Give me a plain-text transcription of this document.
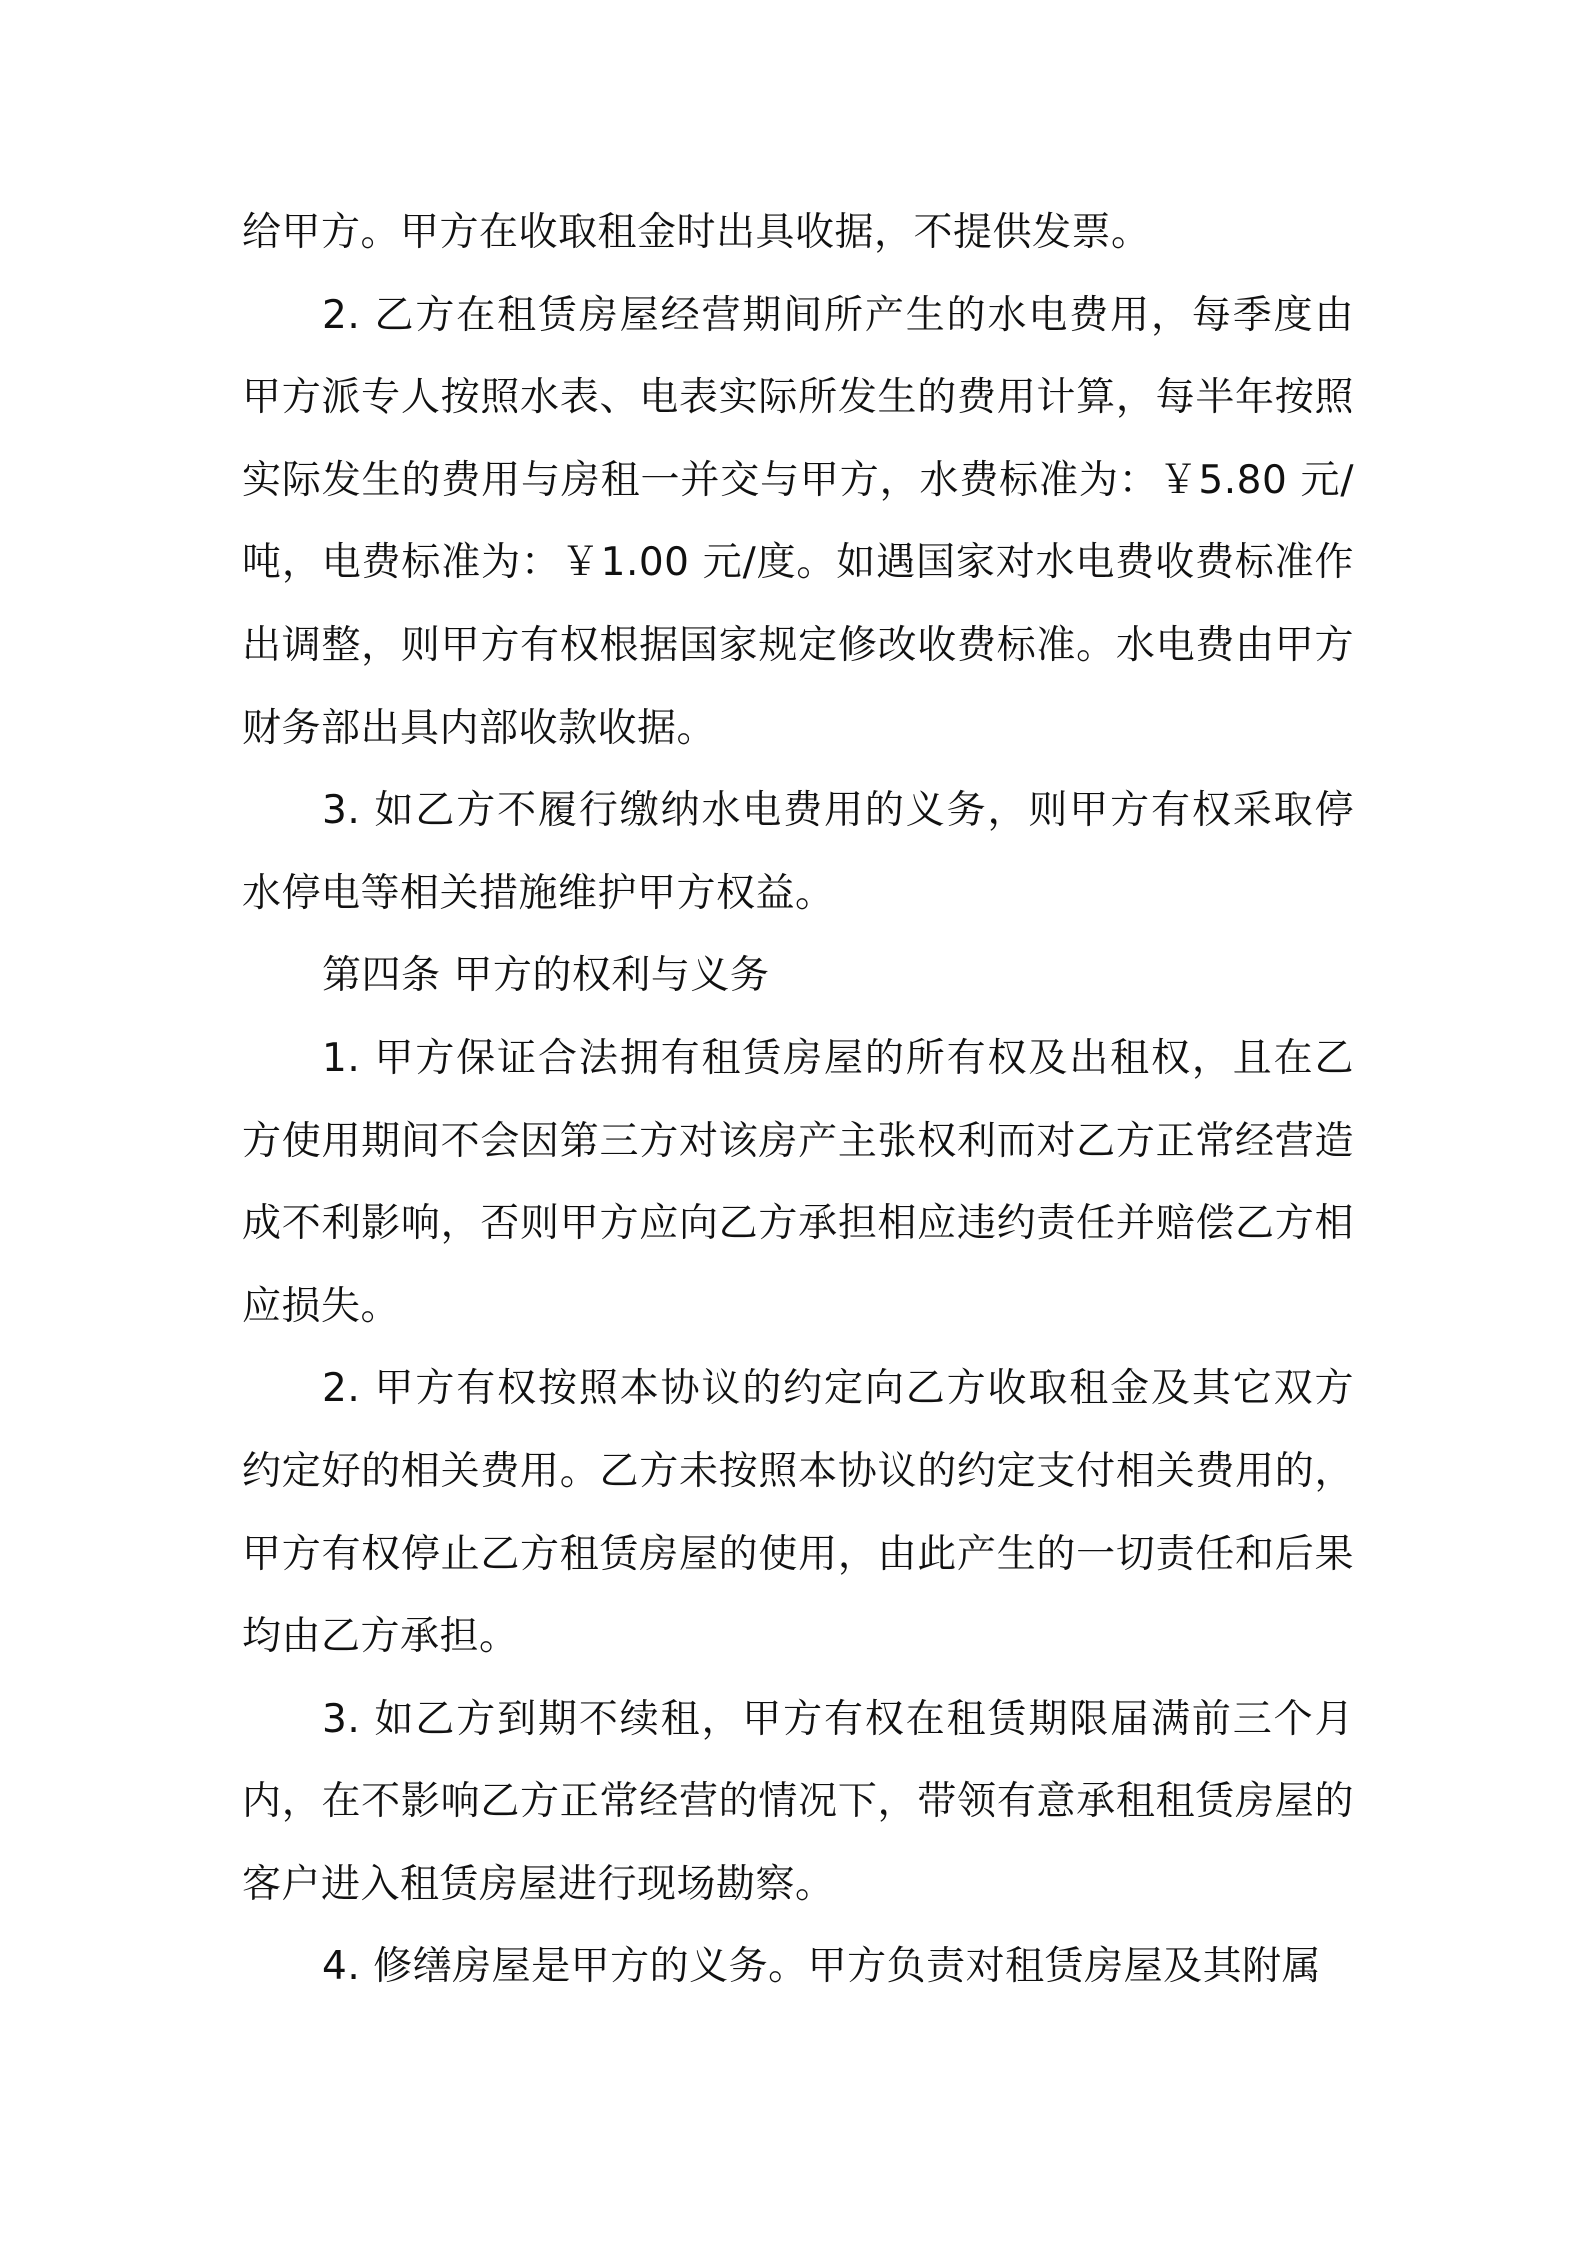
给甲方。甲方在收取租金时出具收据，不提供发票。

2. 乙方在租赁房屋经营期间所产生的水电费用，每季度由甲方派专人按照水表、电表实际所发生的费用计算，每半年按照实际发生的费用与房租一并交与甲方，水费标准为：￥5.80 元/吨，电费标准为：￥1.00 元/度。如遇国家对水电费收费标准作出调整，则甲方有权根据国家规定修改收费标准。水电费由甲方财务部出具内部收款收据。

3. 如乙方不履行缴纳水电费用的义务，则甲方有权采取停水停电等相关措施维护甲方权益。

第四条 甲方的权利与义务

1. 甲方保证合法拥有租赁房屋的所有权及出租权，且在乙方使用期间不会因第三方对该房产主张权利而对乙方正常经营造成不利影响，否则甲方应向乙方承担相应违约责任并赔偿乙方相应损失。

2. 甲方有权按照本协议的约定向乙方收取租金及其它双方约定好的相关费用。乙方未按照本协议的约定支付相关费用的，甲方有权停止乙方租赁房屋的使用，由此产生的一切责任和后果均由乙方承担。

3. 如乙方到期不续租，甲方有权在租赁期限届满前三个月内，在不影响乙方正常经营的情况下，带领有意承租租赁房屋的客户进入租赁房屋进行现场勘察。

4. 修缮房屋是甲方的义务。甲方负责对租赁房屋及其附属
